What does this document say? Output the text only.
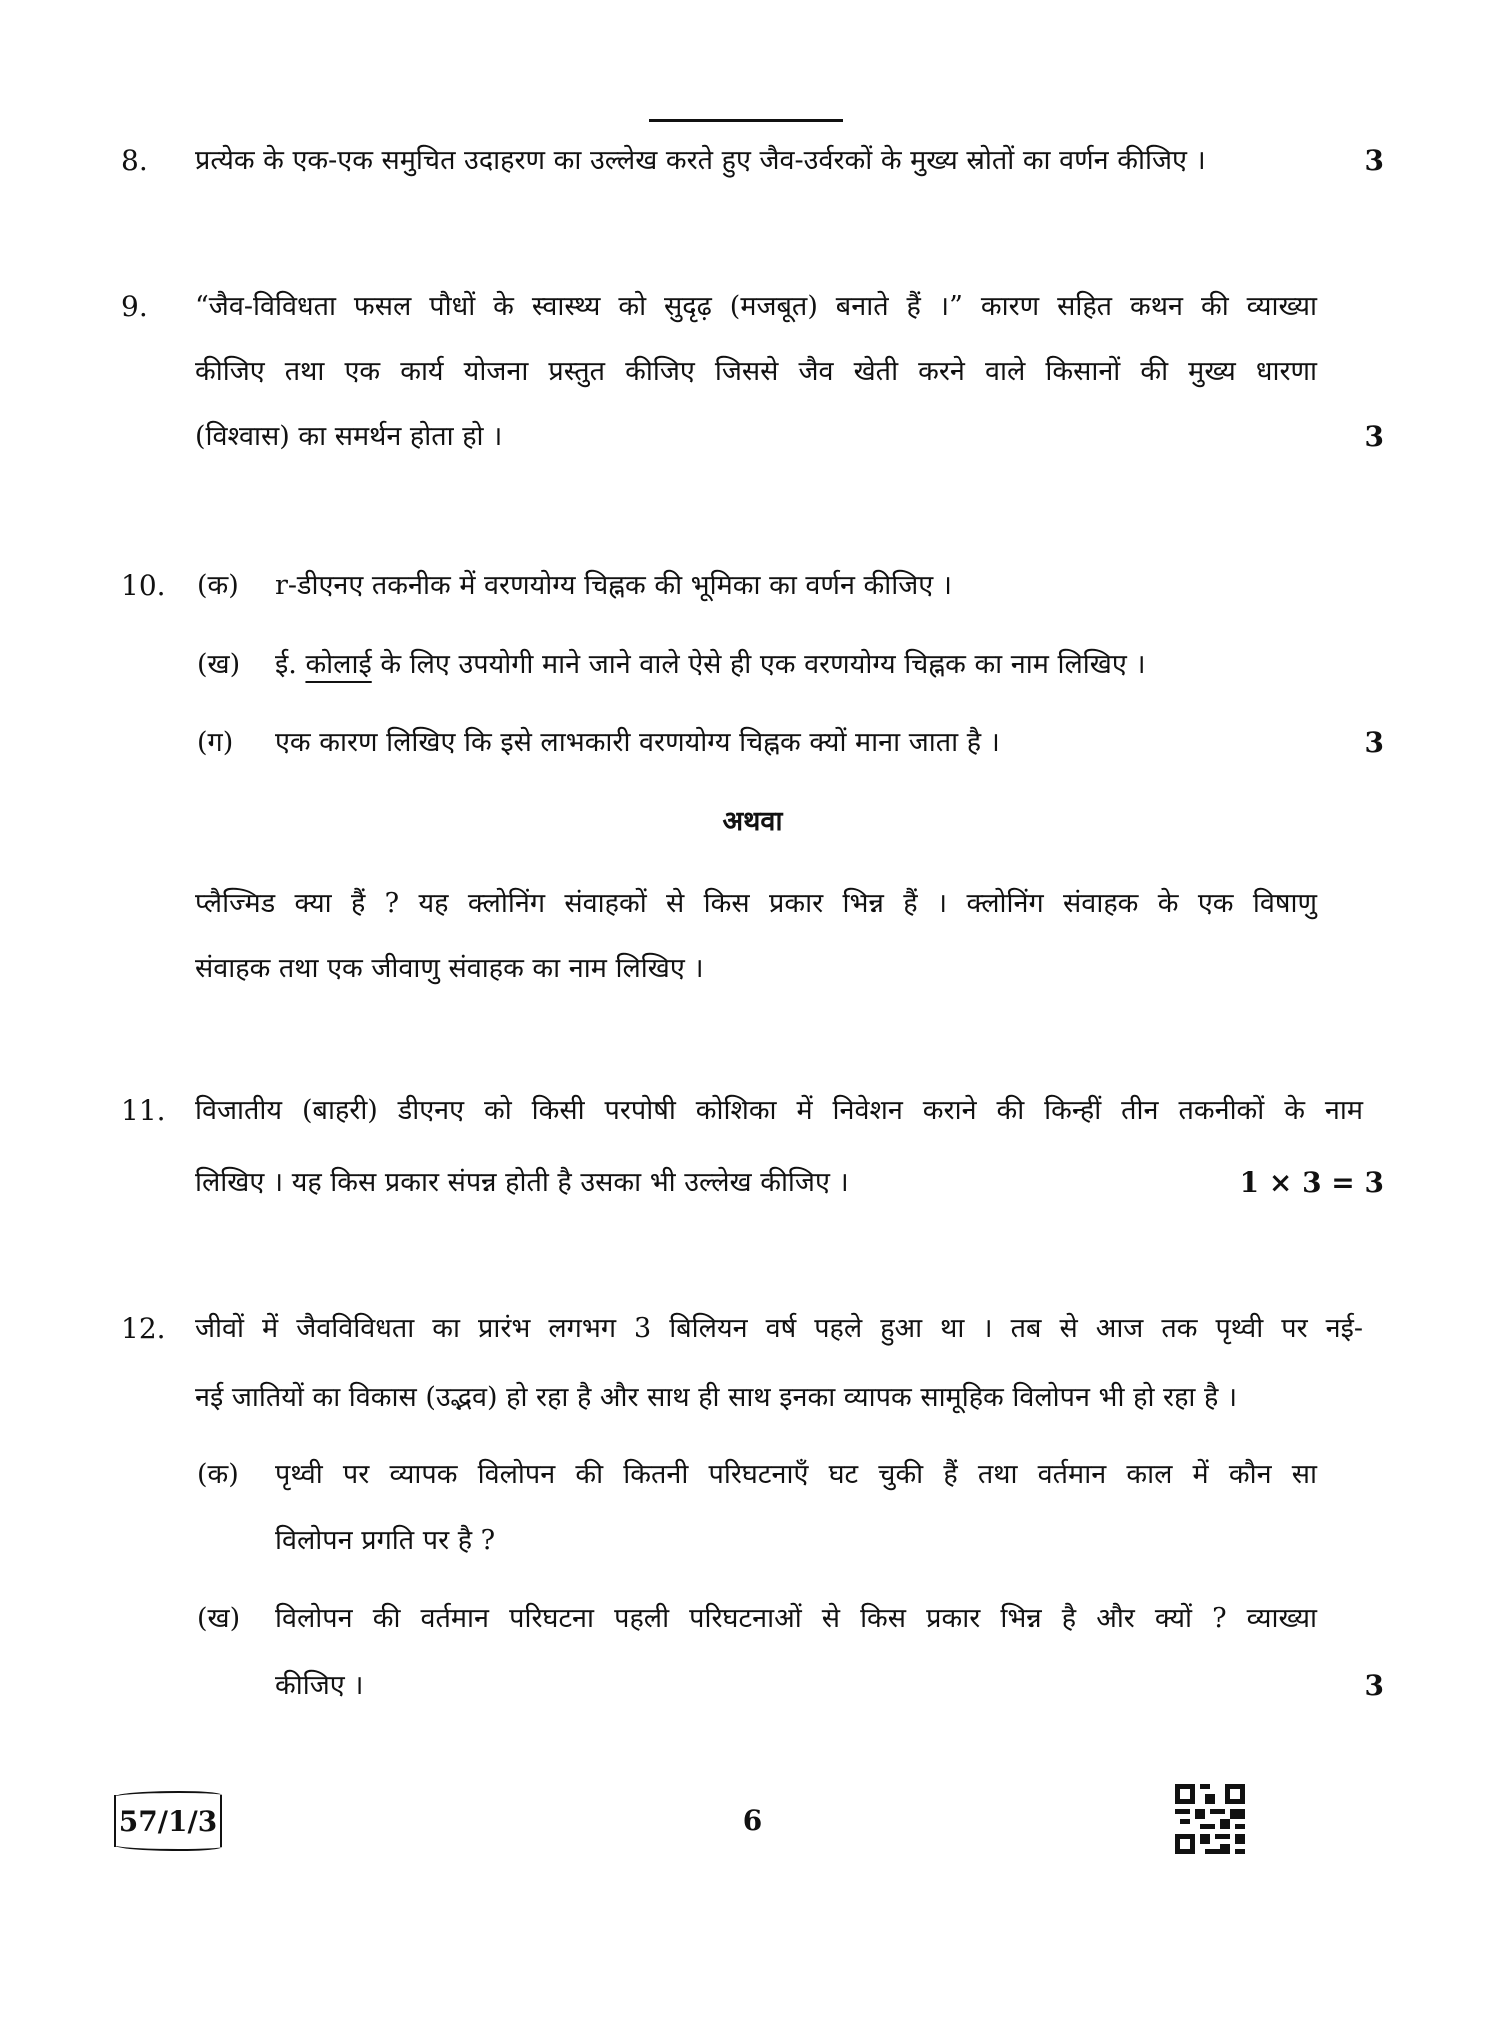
8. प्रत्येक के एक-एक समुचित उदाहरण का उल्लेख करते हुए जैव-उर्वरकों के मुख्य स्रोतों का वर्णन कीजिए ।	3
9. “जैव-विविधता फसल पौधों के स्वास्थ्य को सुदृढ़ (मजबूत) बनाते हैं ।” कारण सहित कथन की व्याख्या
कीजिए तथा एक कार्य योजना प्रस्तुत कीजिए जिससे जैव खेती करने वाले किसानों की मुख्य धारणा
(विश्वास) का समर्थन होता हो ।	3
10. (क) r-डीएनए तकनीक में वरणयोग्य चिह्नक की भूमिका का वर्णन कीजिए ।
(ख) ई. कोलाई के लिए उपयोगी माने जाने वाले ऐसे ही एक वरणयोग्य चिह्नक का नाम लिखिए ।
(ग) एक कारण लिखिए कि इसे लाभकारी वरणयोग्य चिह्नक क्यों माना जाता है ।	3
अथवा
प्लैज्मिड क्या हैं ? यह क्लोनिंग संवाहकों से किस प्रकार भिन्न हैं । क्लोनिंग संवाहक के एक विषाणु
संवाहक तथा एक जीवाणु संवाहक का नाम लिखिए ।
11. विजातीय (बाहरी) डीएनए को किसी परपोषी कोशिका में निवेशन कराने की किन्हीं तीन तकनीकों के नाम
लिखिए । यह किस प्रकार संपन्न होती है उसका भी उल्लेख कीजिए ।	1 × 3 = 3
12. जीवों में जैवविविधता का प्रारंभ लगभग 3 बिलियन वर्ष पहले हुआ था । तब से आज तक पृथ्वी पर नई-
नई जातियों का विकास (उद्भव) हो रहा है और साथ ही साथ इनका व्यापक सामूहिक विलोपन भी हो रहा है ।
(क) पृथ्वी पर व्यापक विलोपन की कितनी परिघटनाएँ घट चुकी हैं तथा वर्तमान काल में कौन सा
विलोपन प्रगति पर है ?
(ख) विलोपन की वर्तमान परिघटना पहली परिघटनाओं से किस प्रकार भिन्न है और क्यों ? व्याख्या
कीजिए ।	3
57/1/3	6
